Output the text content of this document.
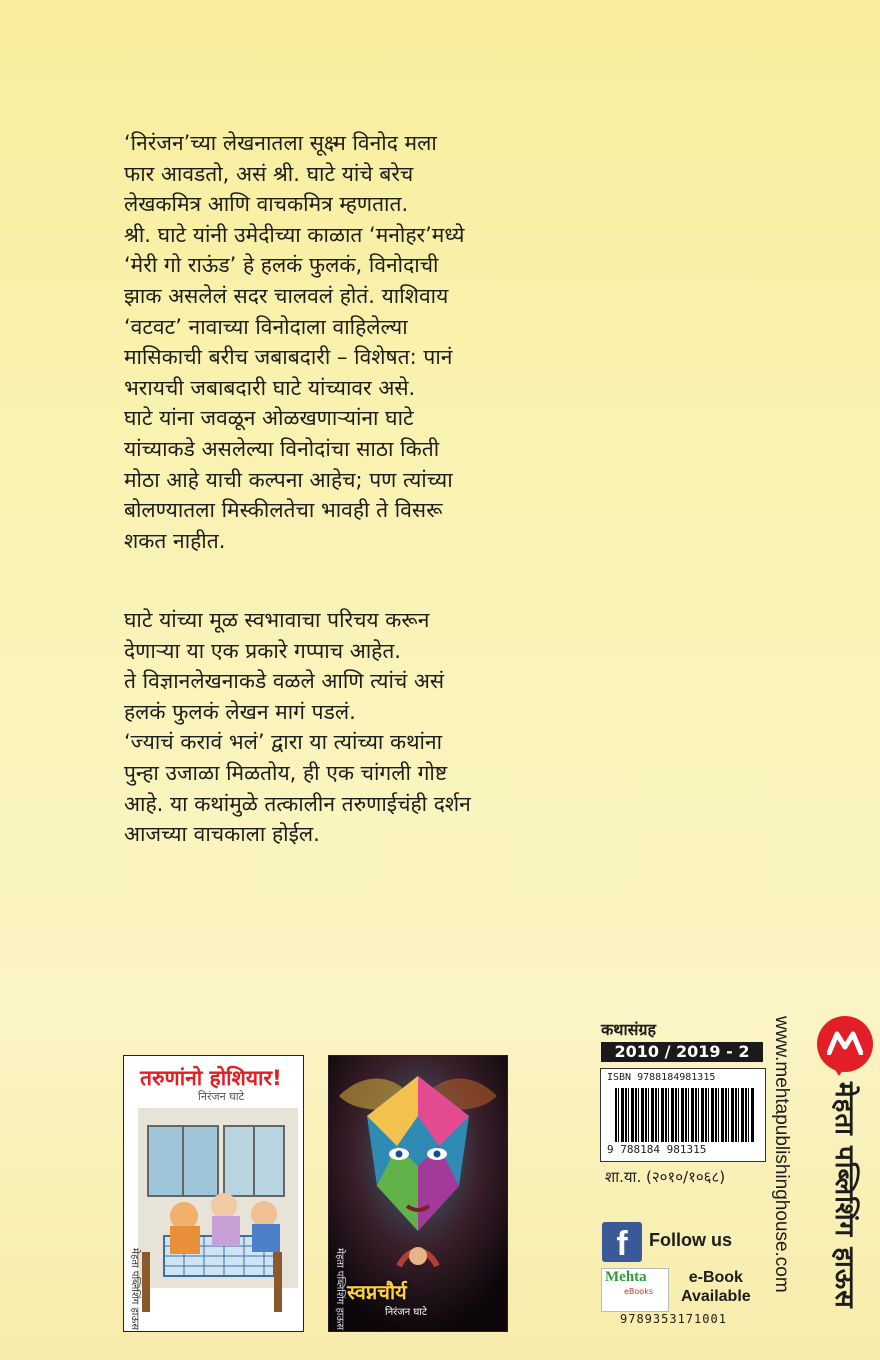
‘निरंजन’च्या लेखनातला सूक्ष्म विनोद मला
फार आवडतो, असं श्री. घाटे यांचे बरेच
लेखकमित्र आणि वाचकमित्र म्हणतात.
श्री. घाटे यांनी उमेदीच्या काळात ‘मनोहर’मध्ये
‘मेरी गो राऊंड’ हे हलकं फुलकं, विनोदाची
झाक असलेलं सदर चालवलं होतं. याशिवाय
‘वटवट’ नावाच्या विनोदाला वाहिलेल्या
मासिकाची बरीच जबाबदारी – विशेषत: पानं
भरायची जबाबदारी घाटे यांच्यावर असे.
घाटे यांना जवळून ओळखणाऱ्यांना घाटे
यांच्याकडे असलेल्या विनोदांचा साठा किती
मोठा आहे याची कल्पना आहेच; पण त्यांच्या
बोलण्यातला मिस्कीलतेचा भावही ते विसरू
शकत नाहीत.
घाटे यांच्या मूळ स्वभावाचा परिचय करून
देणाऱ्या या एक प्रकारे गप्पाच आहेत.
ते विज्ञानलेखनाकडे वळले आणि त्यांचं असं
हलकं फुलकं लेखन मागं पडलं.
‘ज्याचं करावं भलं’ द्वारा या त्यांच्या कथांना
पुन्हा उजाळा मिळतोय, ही एक चांगली गोष्ट
आहे. या कथांमुळे तत्कालीन तरुणाईचंही दर्शन
आजच्या वाचकाला होईल.
तरुणांनो होशियार!
निरंजन घाटे
मेहता पब्लिशिंग हाऊस	स्वप्नचौर्य
निरंजन घाटे
मेहता पब्लिशिंग हाऊस
कथासंग्रह
2010 / 2019 - 2
ISBN 9788184981315
9 788184 981315
शा.या. (२०१०/१०६८)
f	Follow us
Mehta
eBooks
e-Book
Available
9789353171001
www.mehtapublishinghouse.com मेहता पब्लिशिंग हाऊस
